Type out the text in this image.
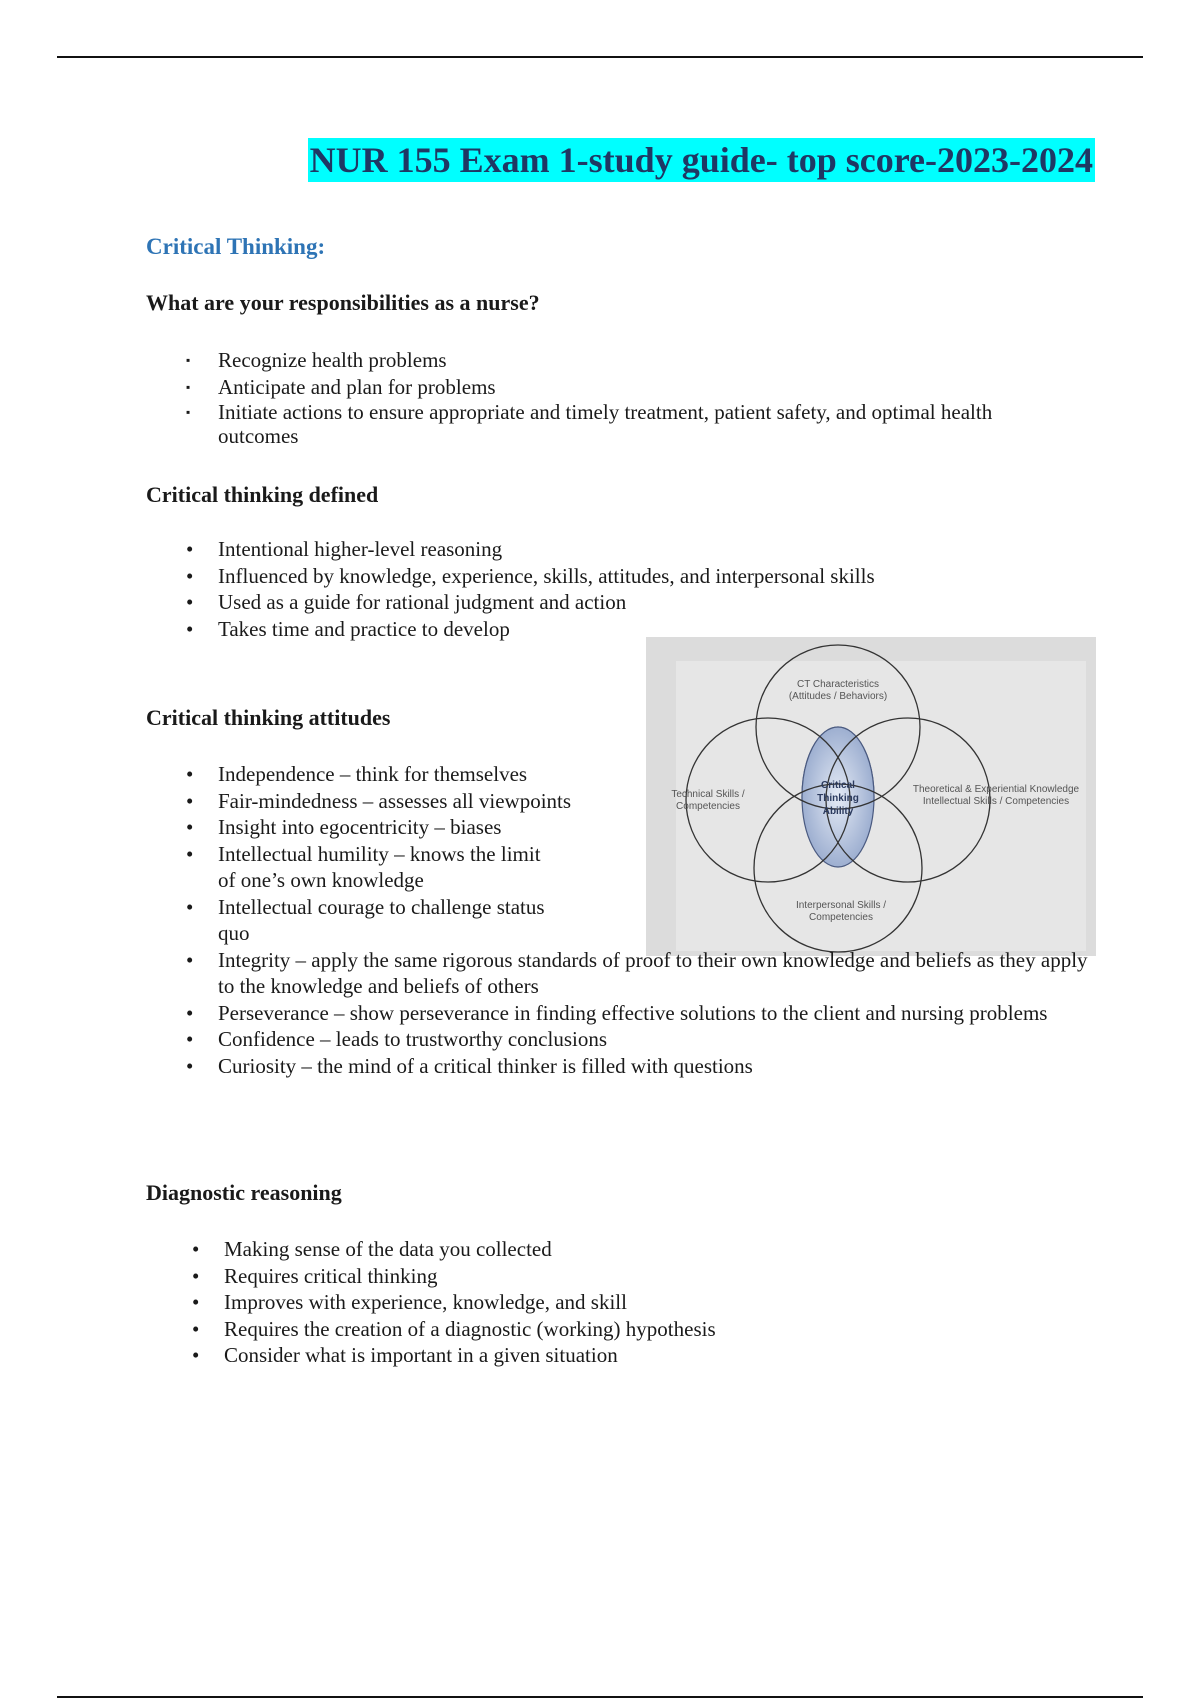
NUR 155 Exam 1-study guide- top score-2023-2024
Critical Thinking:
What are your responsibilities as a nurse?
▪ Recognize health problems
▪ Anticipate and plan for problems
▪ Initiate actions to ensure appropriate and timely treatment, patient safety, and optimal health outcomes
Critical thinking defined
• Intentional higher-level reasoning
• Influenced by knowledge, experience, skills, attitudes, and interpersonal skills
• Used as a guide for rational judgment and action
• Takes time and practice to develop
CT Characteristics
(Attitudes / Behaviors)
Technical Skills /
Competencies
Theoretical & Experiential Knowledge
Intellectual Skills / Competencies
Interpersonal Skills /
Competencies
Critical
Thinking
Ability
Critical thinking attitudes
• Independence – think for themselves
• Fair-mindedness – assesses all viewpoints
• Insight into egocentricity – biases
• Intellectual humility – knows the limit of one’s own knowledge
• Intellectual courage to challenge status quo
• Integrity – apply the same rigorous standards of proof to their own knowledge and beliefs as they apply to the knowledge and beliefs of others
• Perseverance – show perseverance in finding effective solutions to the client and nursing problems
• Confidence – leads to trustworthy conclusions
• Curiosity – the mind of a critical thinker is filled with questions
Diagnostic reasoning
• Making sense of the data you collected
• Requires critical thinking
• Improves with experience, knowledge, and skill
• Requires the creation of a diagnostic (working) hypothesis
• Consider what is important in a given situation
